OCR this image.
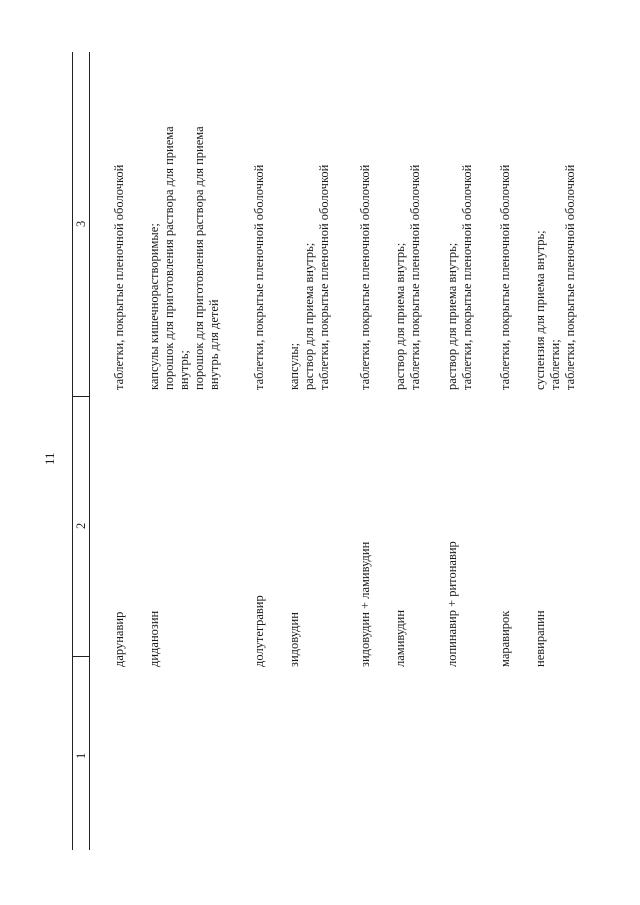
11
1
2
3
дарунавир
таблетки, покрытые пленочной оболочкой
диданозин
капсулы кишечнорастворимые; порошок для приготовления раствора для приема внутрь; порошок для приготовления раствора для приема внутрь для детей
долутегравир
таблетки, покрытые пленочной оболочкой
зидовудин
капсулы; раствор для приема внутрь; таблетки, покрытые пленочной оболочкой
зидовудин + ламивудин
таблетки, покрытые пленочной оболочкой
ламивудин
раствор для приема внутрь; таблетки, покрытые пленочной оболочкой
лопинавир + ритонавир
раствор для приема внутрь; таблетки, покрытые пленочной оболочкой
маравирок
таблетки, покрытые пленочной оболочкой
невирапин
суспензия для приема внутрь; таблетки; таблетки, покрытые пленочной оболочкой
